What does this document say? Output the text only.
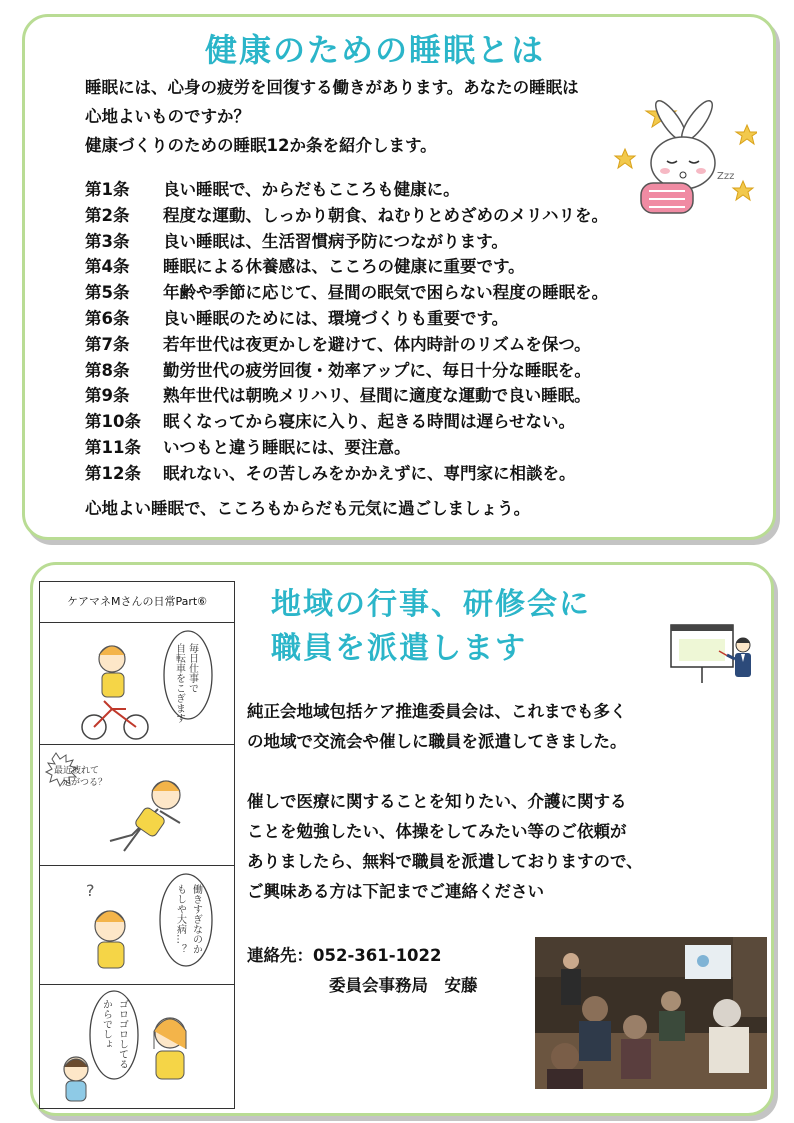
健康のための睡眠とは
睡眠には、心身の疲労を回復する働きがあります。あなたの睡眠は
心地よいものですか？
健康づくりのための睡眠12か条を紹介します。
第1条 良い睡眠で、からだもこころも健康に。
第2条 程度な運動、しっかり朝食、ねむりとめざめのメリハリを。
第3条 良い睡眠は、生活習慣病予防につながります。
第4条 睡眠による休養感は、こころの健康に重要です。
第5条 年齢や季節に応じて、昼間の眠気で困らない程度の睡眠を。
第6条 良い睡眠のためには、環境づくりも重要です。
第7条 若年世代は夜更かしを避けて、体内時計のリズムを保つ。
第8条 勤労世代の疲労回復・効率アップに、毎日十分な睡眠を。
第9条 熟年世代は朝晩メリハリ、昼間に適度な運動で良い睡眠。
第10条 眠くなってから寝床に入り、起きる時間は遅らせない。
第11条 いつもと違う睡眠には、要注意。
第12条 眠れない、その苦しみをかかえずに、専門家に相談を。
心地よい睡眠で、こころもからだも元気に過ごしましょう。
Zzz
ケアマネMさんの日常Part⑥
毎日仕事で
自転車をこぎます
最近疲れて
足がつる？
?	働きすぎなのか
もしや大病…？
ゴロゴロしてる
からでしょ
地域の行事、研修会に
職員を派遣します
純正会地域包括ケア推進委員会は、これまでも多く
の地域で交流会や催しに職員を派遣してきました。
催しで医療に関することを知りたい、介護に関する
ことを勉強したい、体操をしてみたい等のご依頼が
ありましたら、無料で職員を派遣しておりますので、
ご興味ある方は下記までご連絡ください
連絡先：052-361-1022
委員会事務局　安藤
